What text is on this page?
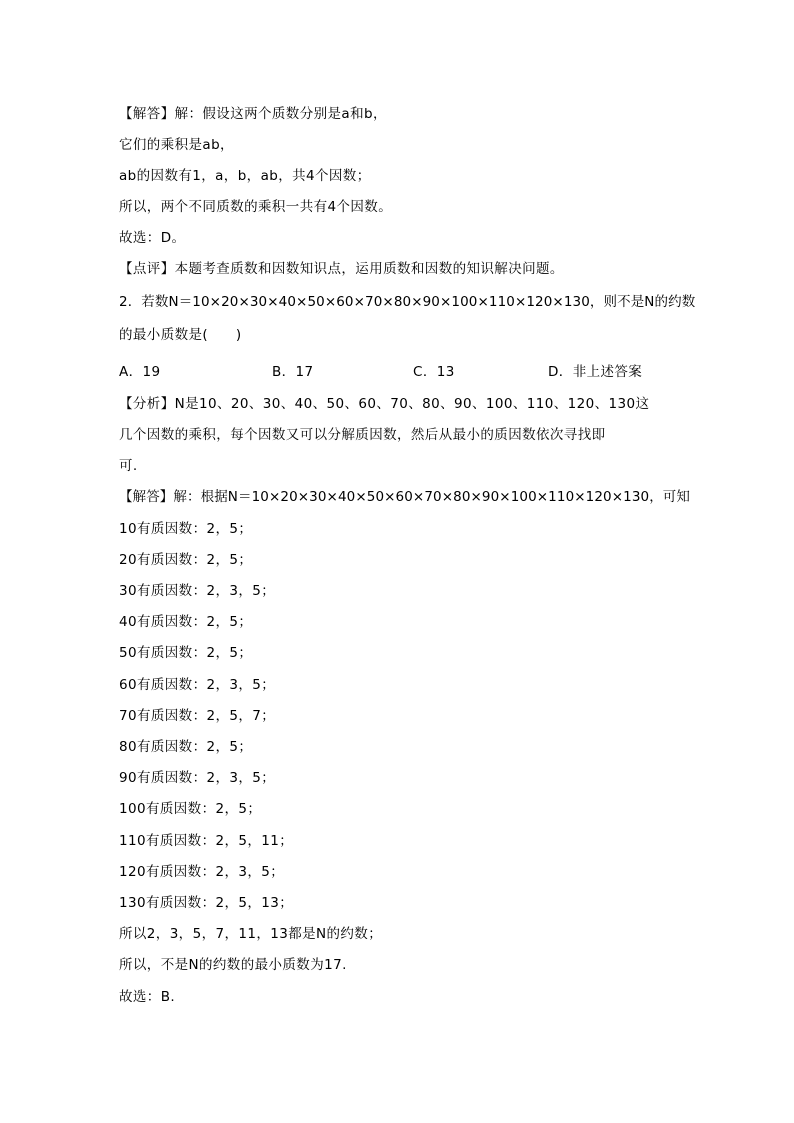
【解答】解：假设这两个质数分别是a和b，
它们的乘积是ab，
ab的因数有1，a，b，ab，共4个因数；
所以，两个不同质数的乘积一共有4个因数。
故选：D。
【点评】本题考查质数和因数知识点，运用质数和因数的知识解决问题。
2．若数N＝10×20×30×40×50×60×70×80×90×100×110×120×130，则不是N的约数
的最小质数是(　　)
A．19	B．17	C．13	D．非上述答案
【分析】N是10、20、30、40、50、60、70、80、90、100、110、120、130这
几个因数的乘积，每个因数又可以分解质因数，然后从最小的质因数依次寻找即
可.
【解答】解：根据N＝10×20×30×40×50×60×70×80×90×100×110×120×130，可知
10有质因数：2，5；
20有质因数：2，5；
30有质因数：2，3，5；
40有质因数：2，5；
50有质因数：2，5；
60有质因数：2，3，5；
70有质因数：2，5，7；
80有质因数：2，5；
90有质因数：2，3，5；
100有质因数：2，5；
110有质因数：2，5，11；
120有质因数：2，3，5；
130有质因数：2，5，13；
所以2，3，5，7，11，13都是N的约数；
所以，不是N的约数的最小质数为17.
故选：B.
